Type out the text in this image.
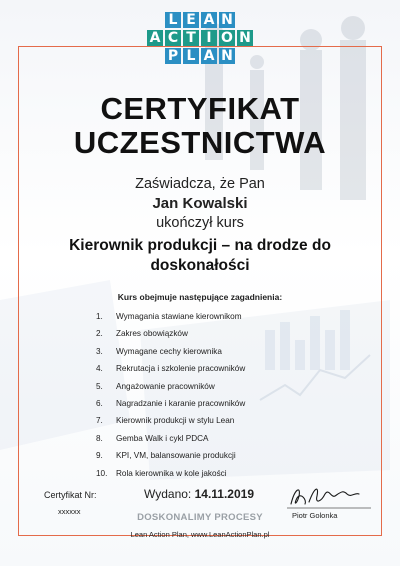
L E A N
A C T I O N
P L A N
CERTYFIKAT
UCZESTNICTWA
Zaświadcza, że Pan
Jan Kowalski
ukończył kurs
Kierownik produkcji – na drodze do
doskonałości
Kurs obejmuje następujące zagadnienia:
1.	Wymagania stawiane kierownikom
2.	Zakres obowiązków
3.	Wymagane cechy kierownika
4.	Rekrutacja i szkolenie pracowników
5.	Angażowanie pracowników
6.	Nagradzanie i karanie pracowników
7.	Kierownik produkcji w stylu Lean
8.	Gemba Walk i cykl PDCA
9.	KPI, VM, balansowanie produkcji
10.	Rola kierownika w kole jakości
Certyfikat Nr:
xxxxxx
Wydano: 14.11.2019
DOSKONALIMY PROCESY	Piotr Golonka
Lean Action Plan, www.LeanActionPlan.pl
